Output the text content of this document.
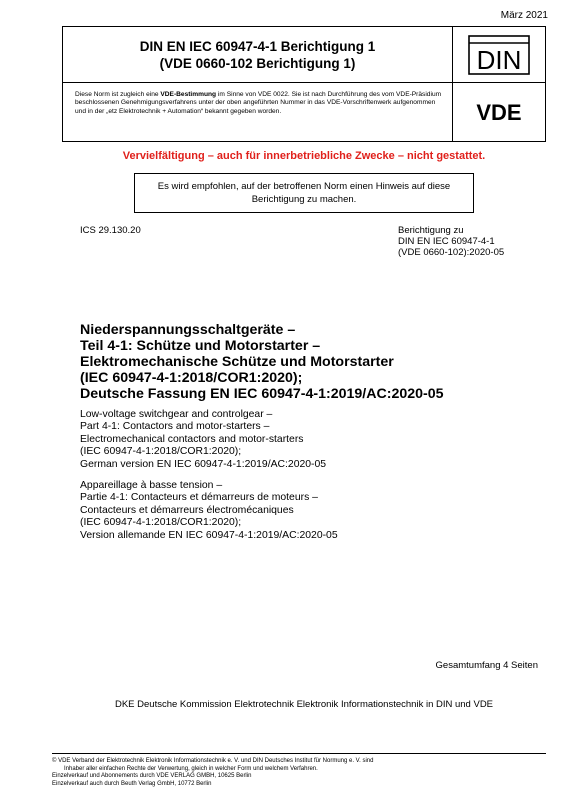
März 2021
DIN EN IEC 60947-4-1 Berichtigung 1
(VDE 0660-102 Berichtigung 1)	DIN
Diese Norm ist zugleich eine VDE-Bestimmung im Sinne von VDE 0022. Sie ist nach Durchführung des vom VDE-Präsidium beschlossenen Genehmigungsverfahrens unter der oben angeführten Nummer in das VDE-Vorschriftenwerk aufgenommen und in der „etz Elektrotechnik + Automation“ bekannt gegeben worden.	VDE
Vervielfältigung – auch für innerbetriebliche Zwecke – nicht gestattet.
Es wird empfohlen, auf der betroffenen Norm einen Hinweis auf diese
Berichtigung zu machen.
ICS 29.130.20	Berichtigung zu
DIN EN IEC 60947-4-1
(VDE 0660-102):2020-05
Niederspannungsschaltgeräte –
Teil 4-1: Schütze und Motorstarter –
Elektromechanische Schütze und Motorstarter
(IEC 60947-4-1:2018/COR1:2020);
Deutsche Fassung EN IEC 60947-4-1:2019/AC:2020-05
Low-voltage switchgear and controlgear –
Part 4-1: Contactors and motor-starters –
Electromechanical contactors and motor-starters
(IEC 60947-4-1:2018/COR1:2020);
German version EN IEC 60947-4-1:2019/AC:2020-05
Appareillage à basse tension –
Partie 4-1: Contacteurs et démarreurs de moteurs –
Contacteurs et démarreurs électromécaniques
(IEC 60947-4-1:2018/COR1:2020);
Version allemande EN IEC 60947-4-1:2019/AC:2020-05
Gesamtumfang 4 Seiten
DKE Deutsche Kommission Elektrotechnik Elektronik Informationstechnik in DIN und VDE
© VDE Verband der Elektrotechnik Elektronik Informationstechnik e. V. und DIN Deutsches Institut für Normung e. V. sind
Inhaber aller einfachen Rechte der Verwertung, gleich in welcher Form und welchem Verfahren.
Einzelverkauf und Abonnements durch VDE VERLAG GMBH, 10625 Berlin
Einzelverkauf auch durch Beuth Verlag GmbH, 10772 Berlin
